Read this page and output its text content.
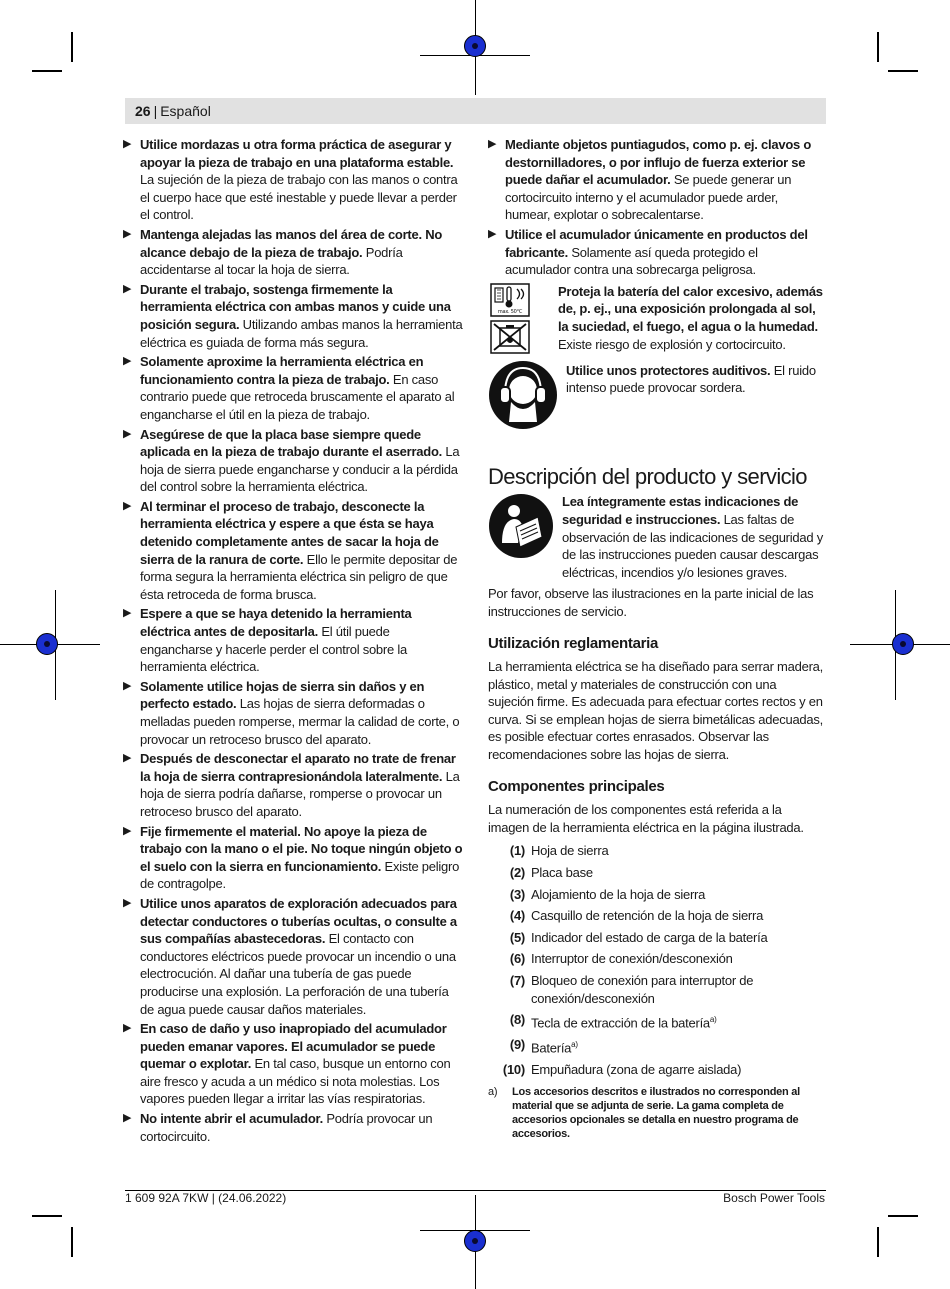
26 | Español
▶ Utilice mordazas u otra forma práctica de asegurar y apoyar la pieza de trabajo en una plataforma estable. La sujeción de la pieza de trabajo con las manos o contra el cuerpo hace que esté inestable y puede llevar a perder el control.
▶ Mantenga alejadas las manos del área de corte. No alcance debajo de la pieza de trabajo. Podría accidentarse al tocar la hoja de sierra.
▶ Durante el trabajo, sostenga firmemente la herramienta eléctrica con ambas manos y cuide una posición segura. Utilizando ambas manos la herramienta eléctrica es guiada de forma más segura.
▶ Solamente aproxime la herramienta eléctrica en funcionamiento contra la pieza de trabajo. En caso contrario puede que retroceda bruscamente el aparato al engancharse el útil en la pieza de trabajo.
▶ Asegúrese de que la placa base siempre quede aplicada en la pieza de trabajo durante el aserrado. La hoja de sierra puede engancharse y conducir a la pérdida del control sobre la herramienta eléctrica.
▶ Al terminar el proceso de trabajo, desconecte la herramienta eléctrica y espere a que ésta se haya detenido completamente antes de sacar la hoja de sierra de la ranura de corte. Ello le permite depositar de forma segura la herramienta eléctrica sin peligro de que ésta retroceda de forma brusca.
▶ Espere a que se haya detenido la herramienta eléctrica antes de depositarla. El útil puede engancharse y hacerle perder el control sobre la herramienta eléctrica.
▶ Solamente utilice hojas de sierra sin daños y en perfecto estado. Las hojas de sierra deformadas o melladas pueden romperse, mermar la calidad de corte, o provocar un retroceso brusco del aparato.
▶ Después de desconectar el aparato no trate de frenar la hoja de sierra contrapresionándola lateralmente. La hoja de sierra podría dañarse, romperse o provocar un retroceso brusco del aparato.
▶ Fije firmemente el material. No apoye la pieza de trabajo con la mano o el pie. No toque ningún objeto o el suelo con la sierra en funcionamiento. Existe peligro de contragolpe.
▶ Utilice unos aparatos de exploración adecuados para detectar conductores o tuberías ocultas, o consulte a sus compañías abastecedoras. El contacto con conductores eléctricos puede provocar un incendio o una electrocución. Al dañar una tubería de gas puede producirse una explosión. La perforación de una tubería de agua puede causar daños materiales.
▶ En caso de daño y uso inapropiado del acumulador pueden emanar vapores. El acumulador se puede quemar o explotar. En tal caso, busque un entorno con aire fresco y acuda a un médico si nota molestias. Los vapores pueden llegar a irritar las vías respiratorias.
▶ No intente abrir el acumulador. Podría provocar un cortocircuito.
▶ Mediante objetos puntiagudos, como p. ej. clavos o destornilladores, o por influjo de fuerza exterior se puede dañar el acumulador. Se puede generar un cortocircuito interno y el acumulador puede arder, humear, explotar o sobrecalentarse.
▶ Utilice el acumulador únicamente en productos del fabricante. Solamente así queda protegido el acumulador contra una sobrecarga peligrosa.
max. 50°C
Proteja la batería del calor excesivo, además de, p. ej., una exposición prolongada al sol, la suciedad, el fuego, el agua o la humedad. Existe riesgo de explosión y cortocircuito.
Utilice unos protectores auditivos. El ruido intenso puede provocar sordera.
Descripción del producto y servicio
Lea íntegramente estas indicaciones de seguridad e instrucciones. Las faltas de observación de las indicaciones de seguridad y de las instrucciones pueden causar descargas eléctricas, incendios y/o lesiones graves.

Por favor, observe las ilustraciones en la parte inicial de las instrucciones de servicio.

Utilización reglamentaria

La herramienta eléctrica se ha diseñado para serrar madera, plástico, metal y materiales de construcción con una sujeción firme. Es adecuada para efectuar cortes rectos y en curva. Si se emplean hojas de sierra bimetálicas adecuadas, es posible efectuar cortes enrasados. Observar las recomendaciones sobre las hojas de sierra.

Componentes principales

La numeración de los componentes está referida a la imagen de la herramienta eléctrica en la página ilustrada.

(1) Hoja de sierra
(2) Placa base
(3) Alojamiento de la hoja de sierra
(4) Casquillo de retención de la hoja de sierra
(5) Indicador del estado de carga de la batería
(6) Interruptor de conexión/desconexión
(7) Bloqueo de conexión para interruptor de conexión/desconexión
(8) Tecla de extracción de la batería$^{a)}$
(9) Batería$^{a)}$
(10) Empuñadura (zona de agarre aislada)
a)	Los accesorios descritos e ilustrados no corresponden al material que se adjunta de serie. La gama completa de accesorios opcionales se detalla en nuestro programa de accesorios.
1 609 92A 7KW | (24.06.2022)	Bosch Power Tools
